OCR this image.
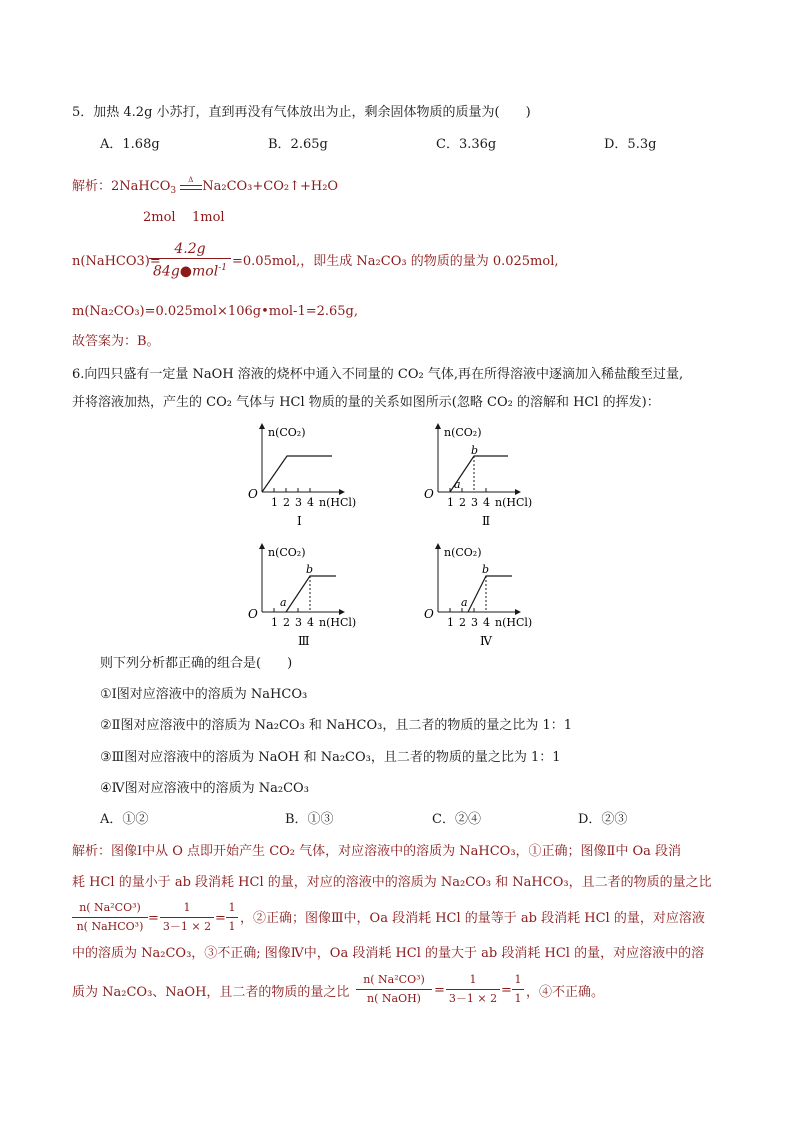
5．加热 4.2g 小苏打，直到再没有气体放出为止，剩余固体物质的质量为(　　)
A．1.68g	B．2.65g	C．3.36g	D．5.3g
解析：2NaHCO$_3$
Δ Na₂CO₃+CO₂↑+H₂O
2mol 1mol
n(NaHCO3)=
4.2g
84g●mol$^{-1}$ =0.05mol,，即生成 Na₂CO₃ 的物质的量为 0.025mol,
m(Na₂CO₃)=0.025mol×106g•mol-1=2.65g,
故答案为：B。
6.向四只盛有一定量 NaOH 溶液的烧杯中通入不同量的 CO₂ 气体,再在所得溶液中逐滴加入稀盐酸至过量,
并将溶液加热，产生的 CO₂ 气体与 HCl 物质的量的关系如图所示(忽略 CO₂ 的溶解和 HCl 的挥发)：
n(CO₂)
O
1 2 3 4 n(HCl)
Ⅰ
n(CO₂)
O
a
b
1 2 3 4 n(HCl)
Ⅱ
n(CO₂)
O
a
b
1 2 3 4 n(HCl)
Ⅲ
n(CO₂)
O
a
b
1 2 3 4 n(HCl)
Ⅳ
则下列分析都正确的组合是(　　)
①Ⅰ图对应溶液中的溶质为 NaHCO₃
②Ⅱ图对应溶液中的溶质为 Na₂CO₃ 和 NaHCO₃，且二者的物质的量之比为 1：1
③Ⅲ图对应溶液中的溶质为 NaOH 和 Na₂CO₃，且二者的物质的量之比为 1：1
④Ⅳ图对应溶液中的溶质为 Na₂CO₃
A．①②	B．①③	C．②④	D．②③
解析：图像Ⅰ中从 O 点即开始产生 CO₂ 气体，对应溶液中的溶质为 NaHCO₃，①正确；图像Ⅱ中 Oa 段消
耗 HCl 的量小于 ab 段消耗 HCl 的量，对应的溶液中的溶质为 Na₂CO₃ 和 NaHCO₃，且二者的物质的量之比
n( Na²CO³)
n( NaHCO³)
=
1
3－1 × 2
=
1
1
，②正确；图像Ⅲ中，Oa 段消耗 HCl 的量等于 ab 段消耗 HCl 的量，对应溶液
中的溶质为 Na₂CO₃，③不正确; 图像Ⅳ中，Oa 段消耗 HCl 的量大于 ab 段消耗 HCl 的量，对应溶液中的溶
质为 Na₂CO₃、NaOH，且二者的物质的量之比
n( Na²CO³)
n( NaOH)
=
1
3－1 × 2
=
1
1 ，④不正确。
